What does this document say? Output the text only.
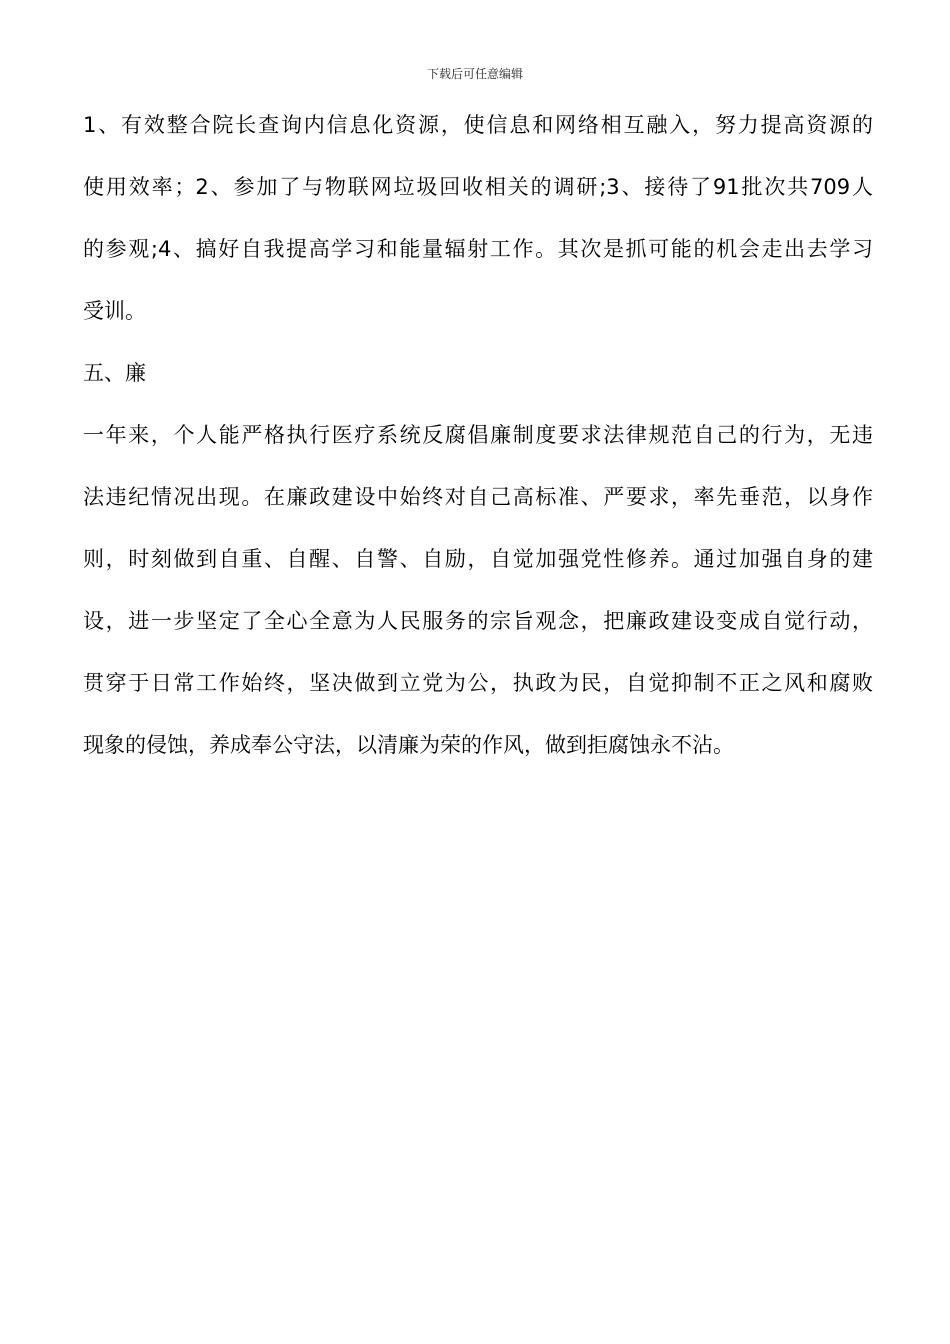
下载后可任意编辑
1、有效整合院长查询内信息化资源，使信息和网络相互融入，努力提高资源的
使用效率；2、参加了与物联网垃圾回收相关的调研;3、接待了91批次共709人
的参观;4、搞好自我提高学习和能量辐射工作。其次是抓可能的机会走出去学习
受训。
五、廉
一年来，个人能严格执行医疗系统反腐倡廉制度要求法律规范自己的行为，无违
法违纪情况出现。在廉政建设中始终对自己高标准、严要求，率先垂范，以身作
则，时刻做到自重、自醒、自警、自励，自觉加强党性修养。通过加强自身的建
设，进一步坚定了全心全意为人民服务的宗旨观念，把廉政建设变成自觉行动，
贯穿于日常工作始终，坚决做到立党为公，执政为民，自觉抑制不正之风和腐败
现象的侵蚀，养成奉公守法，以清廉为荣的作风，做到拒腐蚀永不沾。
